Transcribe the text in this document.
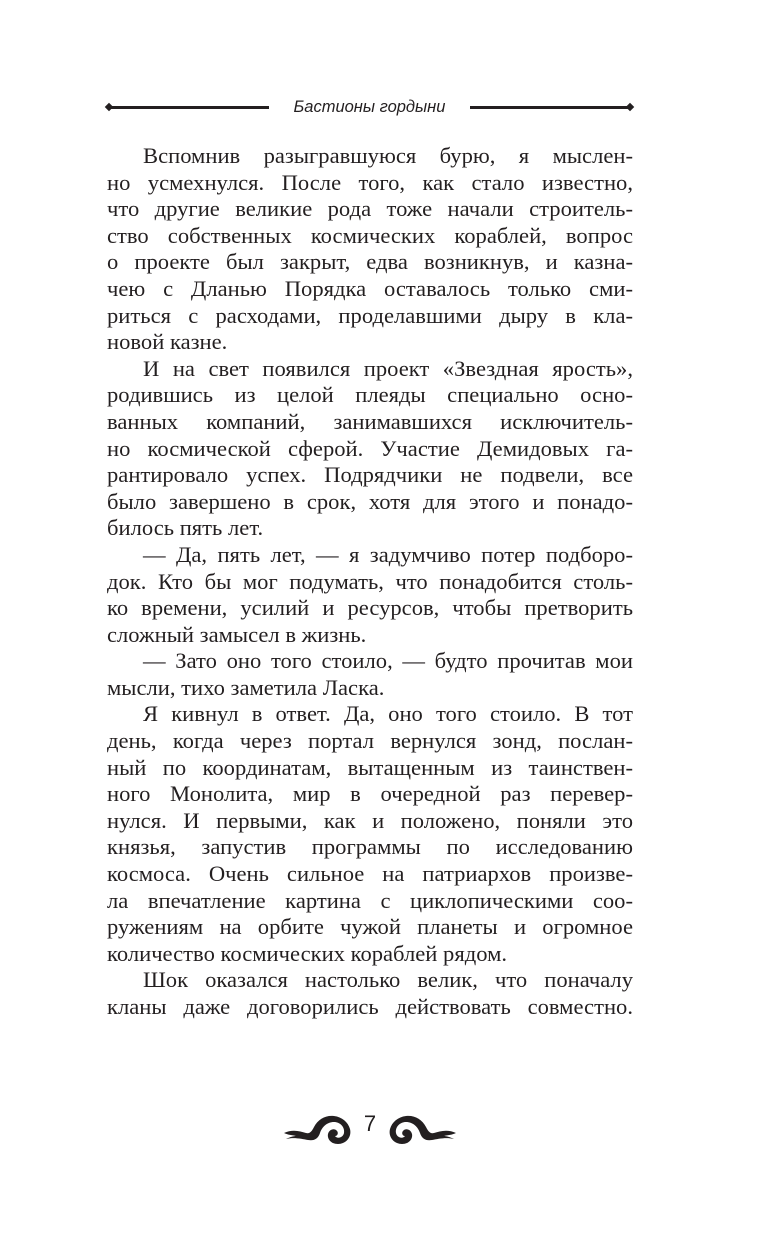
Бастионы гордыни
Вспомнив разыгравшуюся бурю, я мыслен-
но усмехнулся. После того, как стало известно,
что другие великие рода тоже начали строитель-
ство собственных космических кораблей, вопрос
о проекте был закрыт, едва возникнув, и казна-
чею с Дланью Порядка оставалось только сми-
риться с расходами, проделавшими дыру в кла-
новой казне.
И на свет появился проект «Звездная ярость»,
родившись из целой плеяды специально осно-
ванных компаний, занимавшихся исключитель-
но космической сферой. Участие Демидовых га-
рантировало успех. Подрядчики не подвели, все
было завершено в срок, хотя для этого и понадо-
билось пять лет.
— Да, пять лет, — я задумчиво потер подборо-
док. Кто бы мог подумать, что понадобится столь-
ко времени, усилий и ресурсов, чтобы претворить
сложный замысел в жизнь.
— Зато оно того стоило, — будто прочитав мои
мысли, тихо заметила Ласка.
Я кивнул в ответ. Да, оно того стоило. В тот
день, когда через портал вернулся зонд, послан-
ный по координатам, вытащенным из таинствен-
ного Монолита, мир в очередной раз перевер-
нулся. И первыми, как и положено, поняли это
князья, запустив программы по исследованию
космоса. Очень сильное на патриархов произве-
ла впечатление картина с циклопическими соо-
ружениям на орбите чужой планеты и огромное
количество космических кораблей рядом.
Шок оказался настолько велик, что поначалу
кланы даже договорились действовать совместно.
7
